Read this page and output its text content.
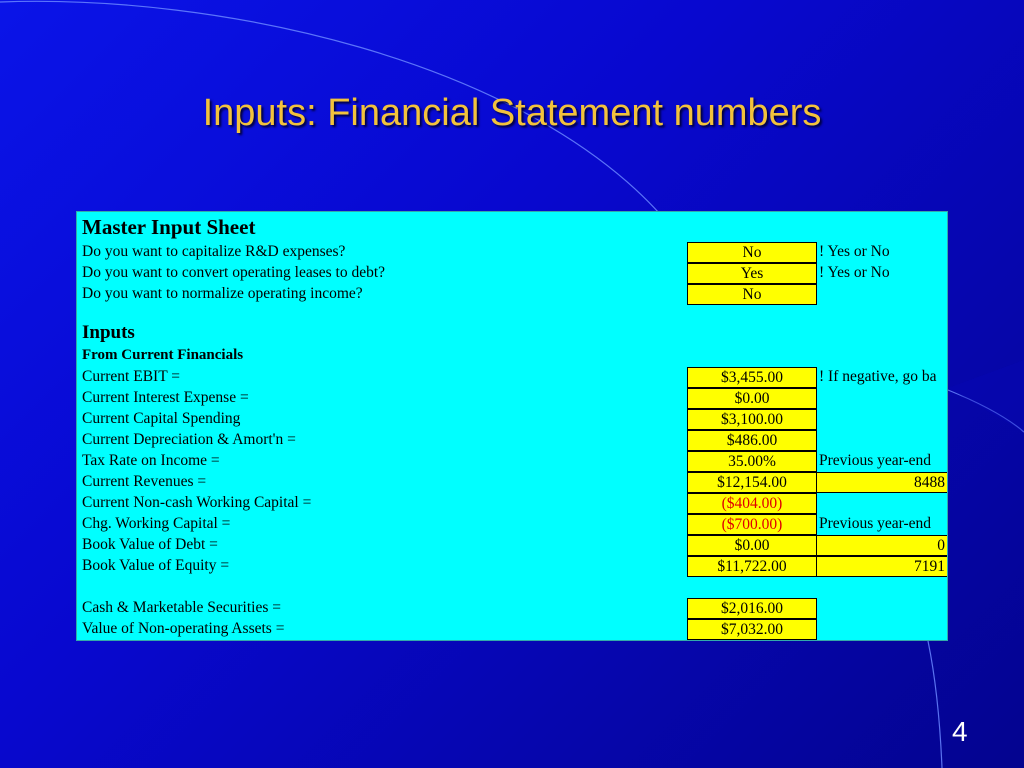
Inputs: Financial Statement numbers
Master Input Sheet
Do you want to capitalize R&D expenses?	No	! Yes or No
Do you want to convert operating leases to debt?	Yes	! Yes or No
Do you want to normalize operating income?	No
Inputs
From Current Financials
Current EBIT =	$3,455.00	! If negative, go ba
Current Interest Expense =	$0.00
Current Capital Spending	$3,100.00
Current Depreciation & Amort'n =	$486.00
Tax Rate on Income =	35.00%	Previous year-end
Current Revenues =	$12,154.00	8488
Current Non-cash Working Capital =	($404.00)
Chg. Working Capital =	($700.00)	Previous year-end
Book Value of Debt =	$0.00	0
Book Value of Equity =	$11,722.00	7191
Cash & Marketable Securities =	$2,016.00
Value of Non-operating Assets =	$7,032.00
4
